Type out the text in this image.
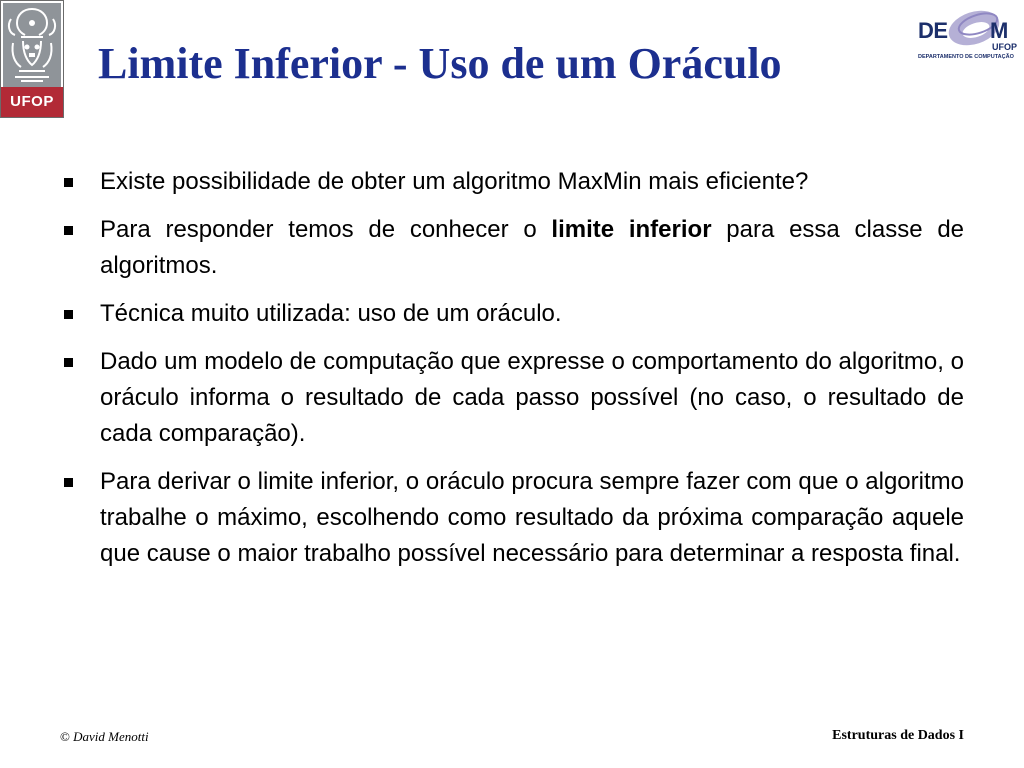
UFOP
DE M
UFOP
DEPARTAMENTO DE COMPUTAÇÃO
Limite Inferior - Uso de um Oráculo
Existe possibilidade de obter um algoritmo MaxMin mais eficiente?
Para responder temos de conhecer o limite inferior para essa classe de algoritmos.
Técnica muito utilizada: uso de um oráculo.
Dado um modelo de computação que expresse o comportamento do algoritmo, o oráculo informa o resultado de cada passo possível (no caso, o resultado de cada comparação).
Para derivar o limite inferior, o oráculo procura sempre fazer com que o algoritmo trabalhe o máximo, escolhendo como resultado da próxima comparação aquele que cause o maior trabalho possível necessário para determinar a resposta final.
© David Menotti	Estruturas de Dados I
